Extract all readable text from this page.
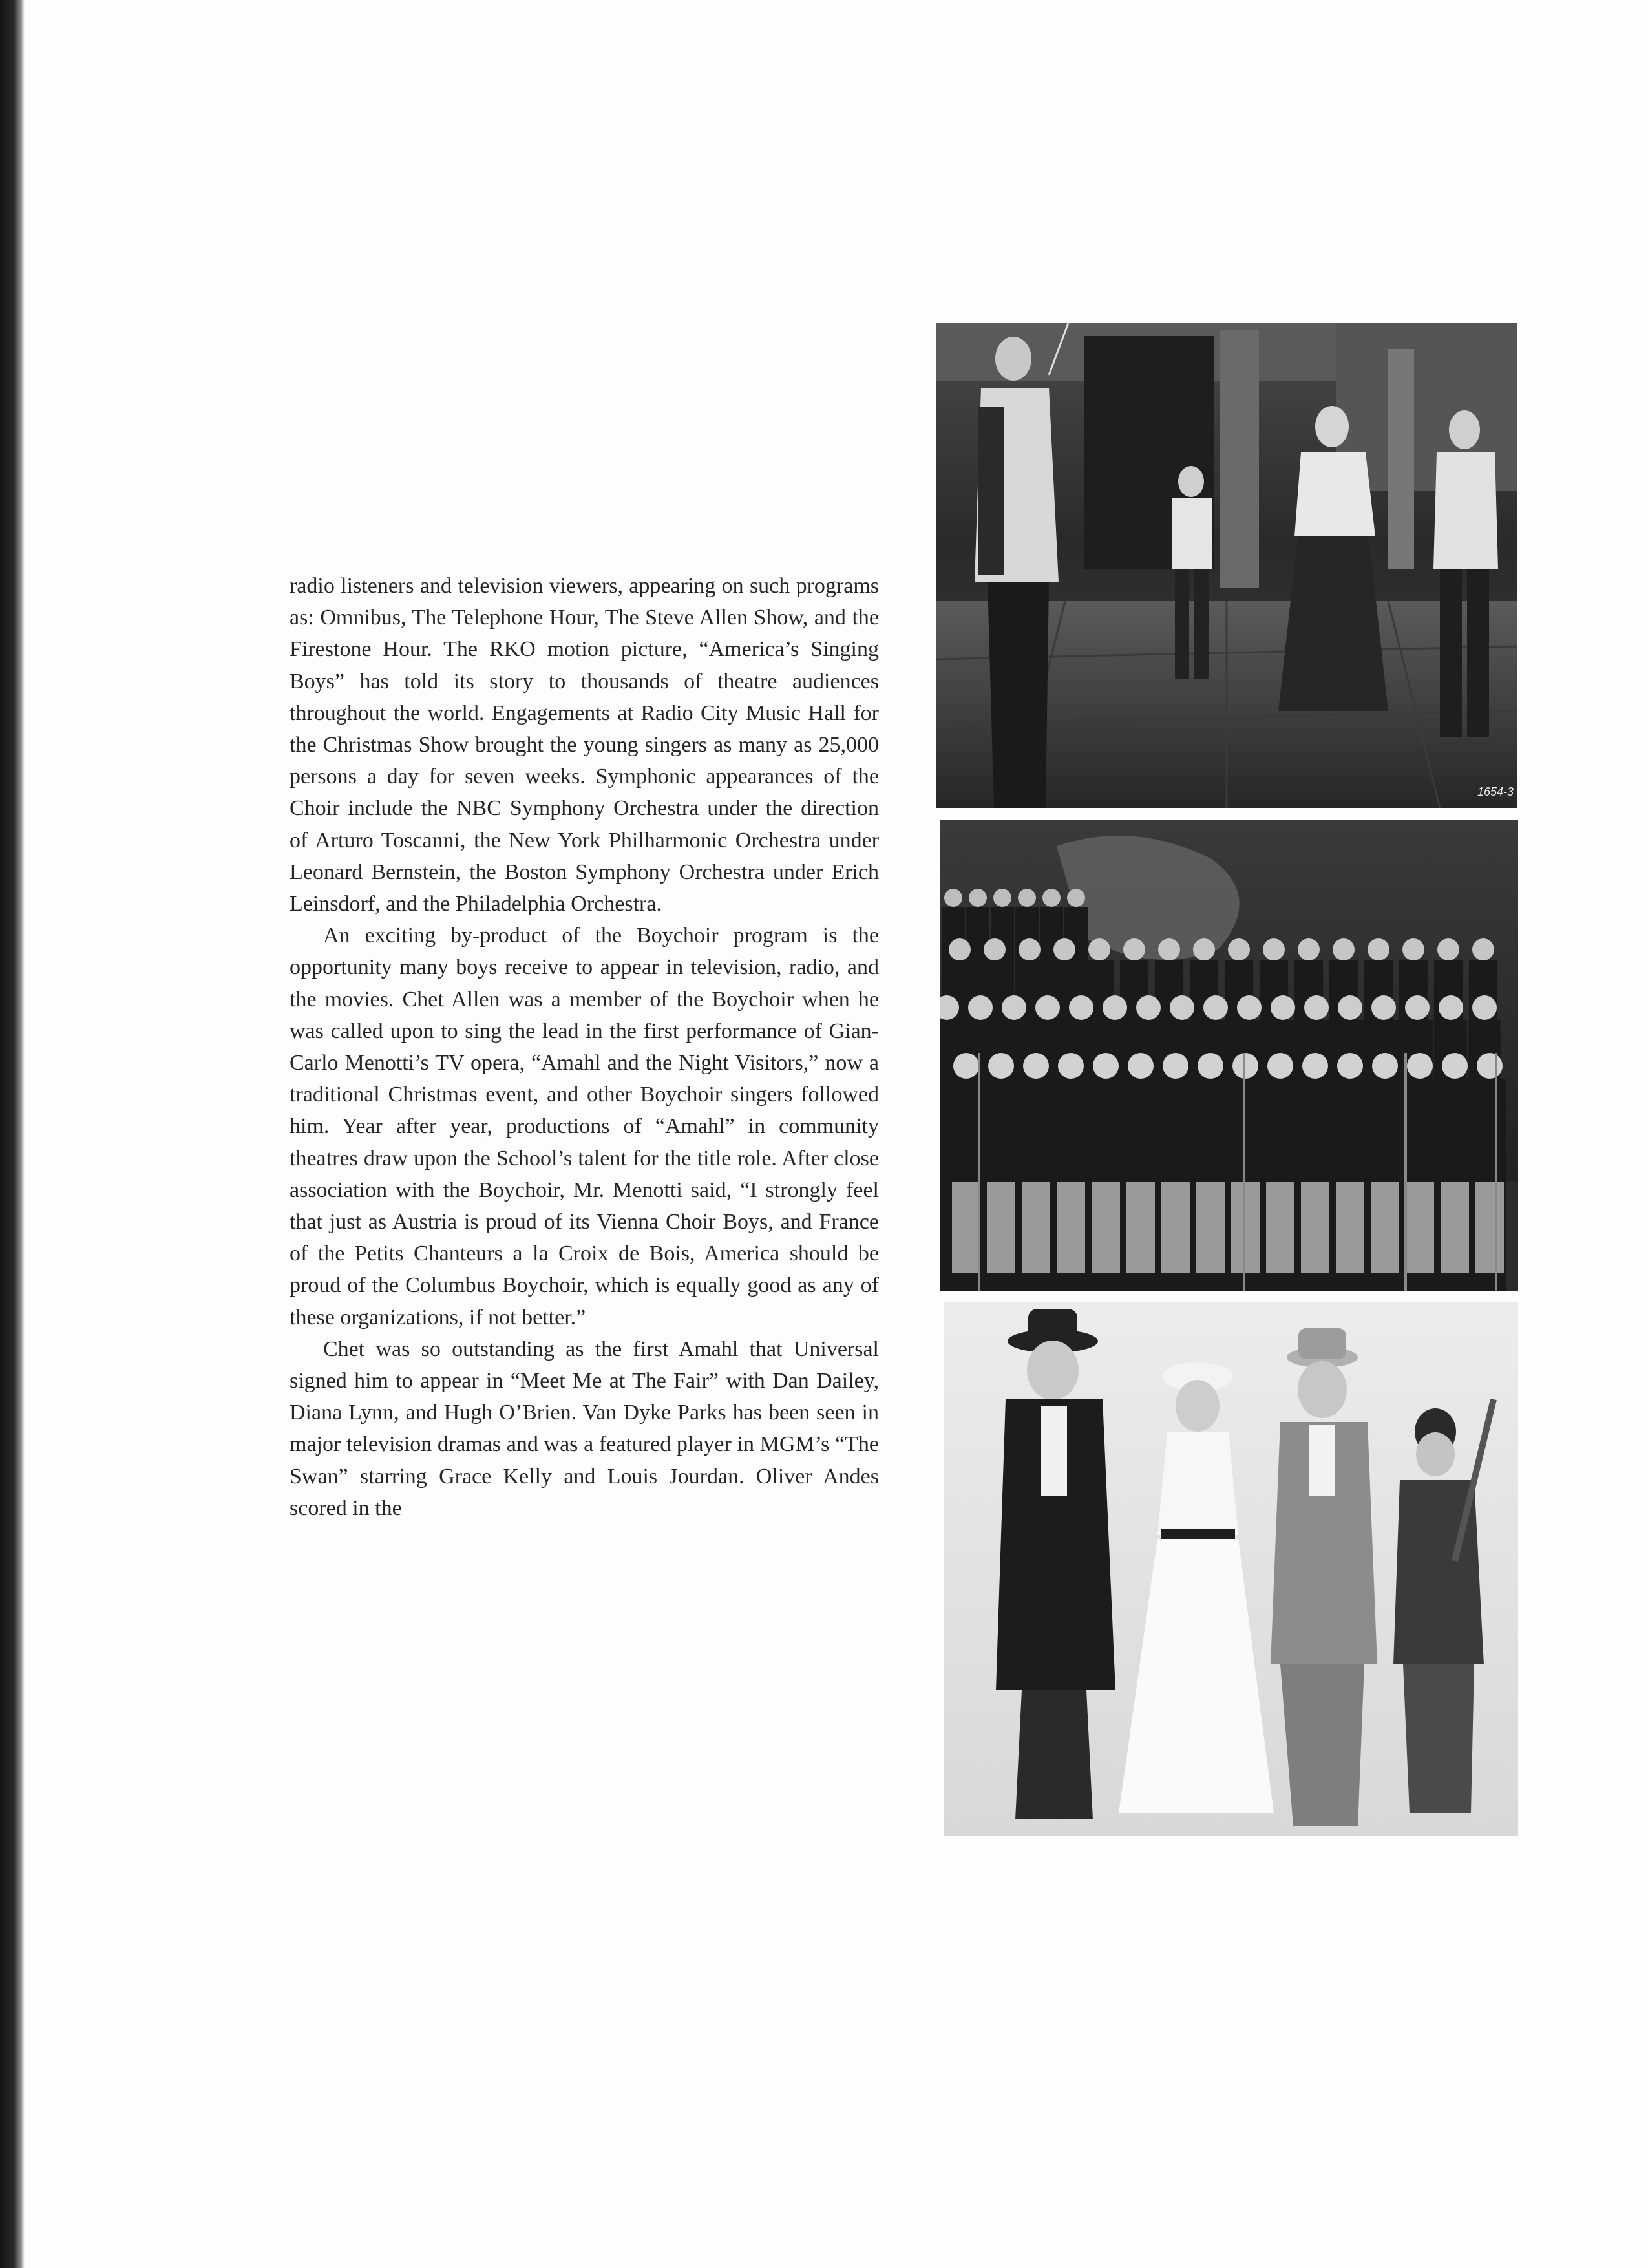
radio listeners and television viewers, appearing on such programs as: Omnibus, The Telephone Hour, The Steve Allen Show, and the Firestone Hour. The RKO motion picture, “America’s Singing Boys” has told its story to thousands of theatre audiences throughout the world. Engagements at Radio City Music Hall for the Christmas Show brought the young singers as many as 25,000 persons a day for seven weeks. Symphonic appearances of the Choir include the NBC Symphony Orchestra under the direction of Arturo Toscanni, the New York Philharmonic Orchestra under Leonard Bernstein, the Boston Symphony Orchestra under Erich Leinsdorf, and the Philadelphia Orchestra.

An exciting by-product of the Boychoir program is the opportunity many boys receive to appear in television, radio, and the movies. Chet Allen was a member of the Boychoir when he was called upon to sing the lead in the first performance of Gian-Carlo Menotti’s TV opera, “Amahl and the Night Visitors,” now a traditional Christmas event, and other Boychoir singers followed him. Year after year, productions of “Amahl” in community theatres draw upon the School’s talent for the title role. After close association with the Boychoir, Mr. Menotti said, “I strongly feel that just as Austria is proud of its Vienna Choir Boys, and France of the Petits Chanteurs a la Croix de Bois, America should be proud of the Columbus Boychoir, which is equally good as any of these organizations, if not better.”

Chet was so outstanding as the first Amahl that Universal signed him to appear in “Meet Me at The Fair” with Dan Dailey, Diana Lynn, and Hugh O’Brien. Van Dyke Parks has been seen in major television dramas and was a featured player in MGM’s “The Swan” starring Grace Kelly and Louis Jourdan. Oliver Andes scored in the

1654-3
